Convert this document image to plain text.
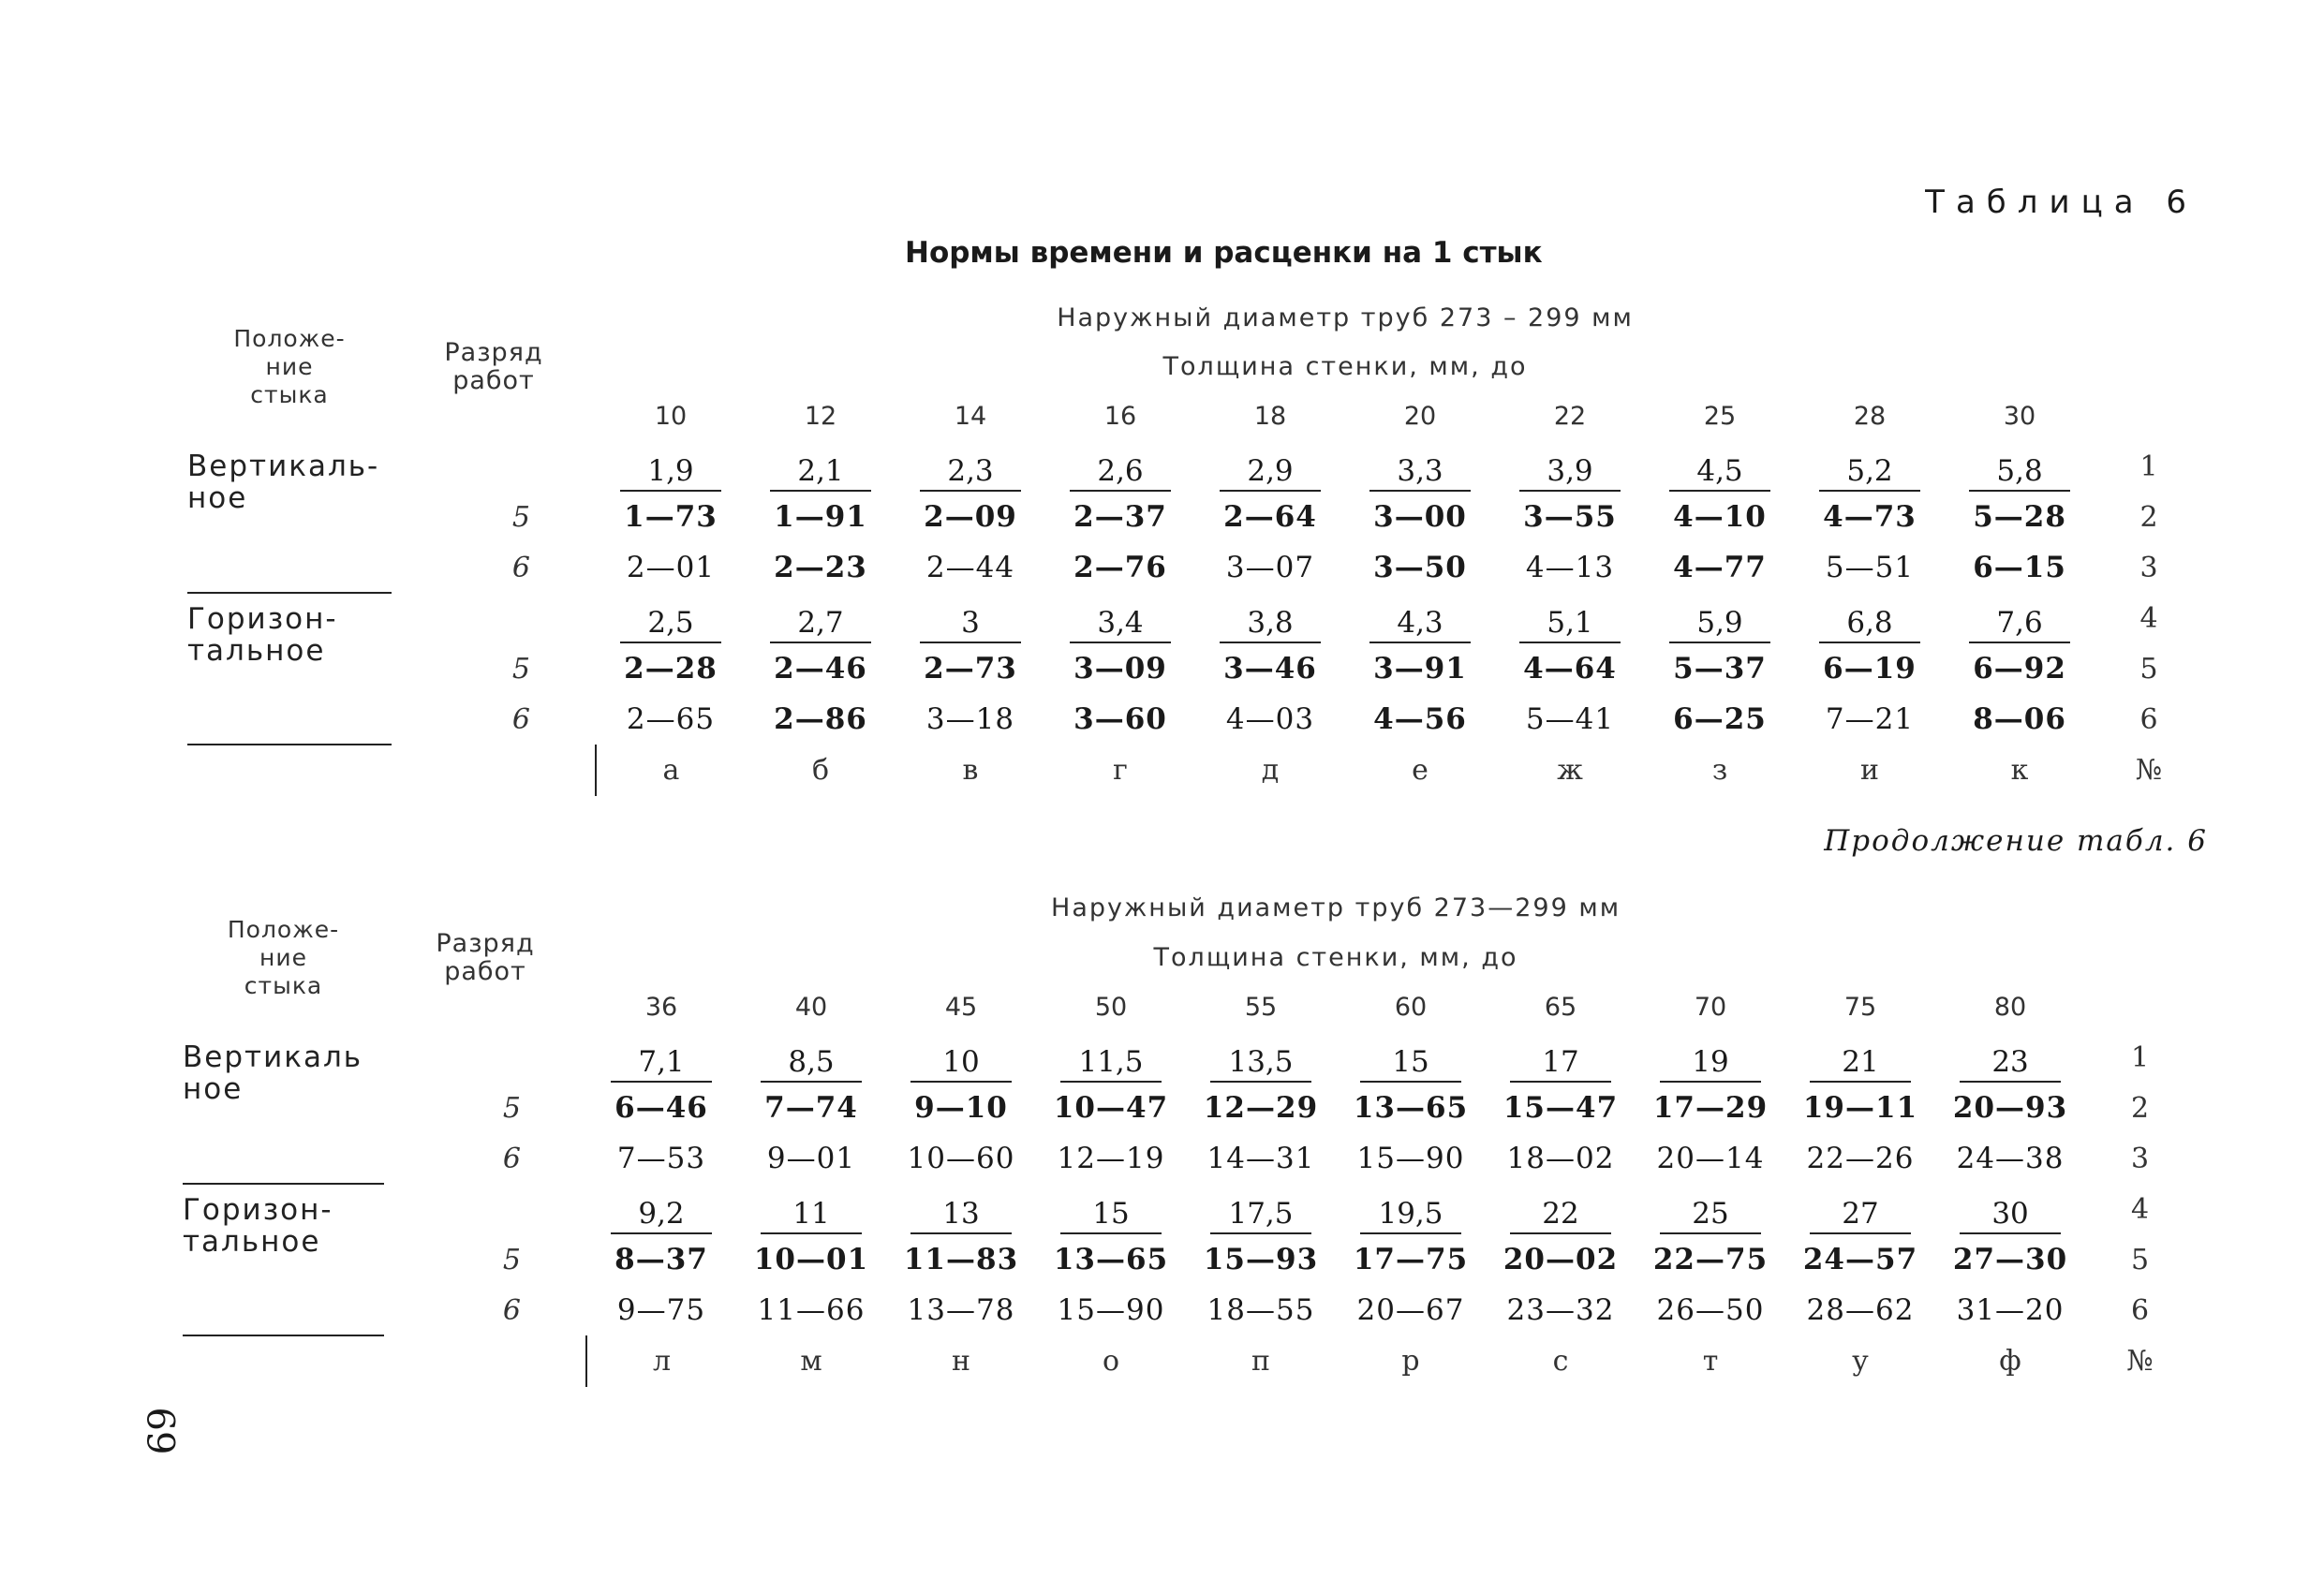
Таблица 6
Нормы времени и расценки на 1 стык
Продолжение табл. 6
69
Положе-
ние
стыка	Разряд
работ	Наружный диаметр труб 273 – 299 мм										
		Толщина стенки, мм, до										
		10	12	14	16	18	20	22	25	28	30	
Вертикаль-
ное		1,9	2,1	2,3	2,6	2,9	3,3	3,9	4,5	5,2	5,8	1
	5	1—73	1—91	2—09	2—37	2—64	3—00	3—55	4—10	4—73	5—28	2
	6	2—01	2—23	2—44	2—76	3—07	3—50	4—13	4—77	5—51	6—15	3
Горизон-
тальное		2,5	2,7	3	3,4	3,8	4,3	5,1	5,9	6,8	7,6	4
	5	2—28	2—46	2—73	3—09	3—46	3—91	4—64	5—37	6—19	6—92	5
	6	2—65	2—86	3—18	3—60	4—03	4—56	5—41	6—25	7—21	8—06	6
		а	б	в	г	д	е	ж	з	и	к	№
Положе-
ние
стыка	Разряд
работ	Наружный диаметр труб 273—299 мм										
		Толщина стенки, мм, до										
		36	40	45	50	55	60	65	70	75	80	
Вертикаль
ное		7,1	8,5	10	11,5	13,5	15	17	19	21	23	1
	5	6—46	7—74	9—10	10—47	12—29	13—65	15—47	17—29	19—11	20—93	2
	6	7—53	9—01	10—60	12—19	14—31	15—90	18—02	20—14	22—26	24—38	3
Горизон-
тальное		9,2	11	13	15	17,5	19,5	22	25	27	30	4
	5	8—37	10—01	11—83	13—65	15—93	17—75	20—02	22—75	24—57	27—30	5
	6	9—75	11—66	13—78	15—90	18—55	20—67	23—32	26—50	28—62	31—20	6
		л	м	н	о	п	р	с	т	у	ф	№
